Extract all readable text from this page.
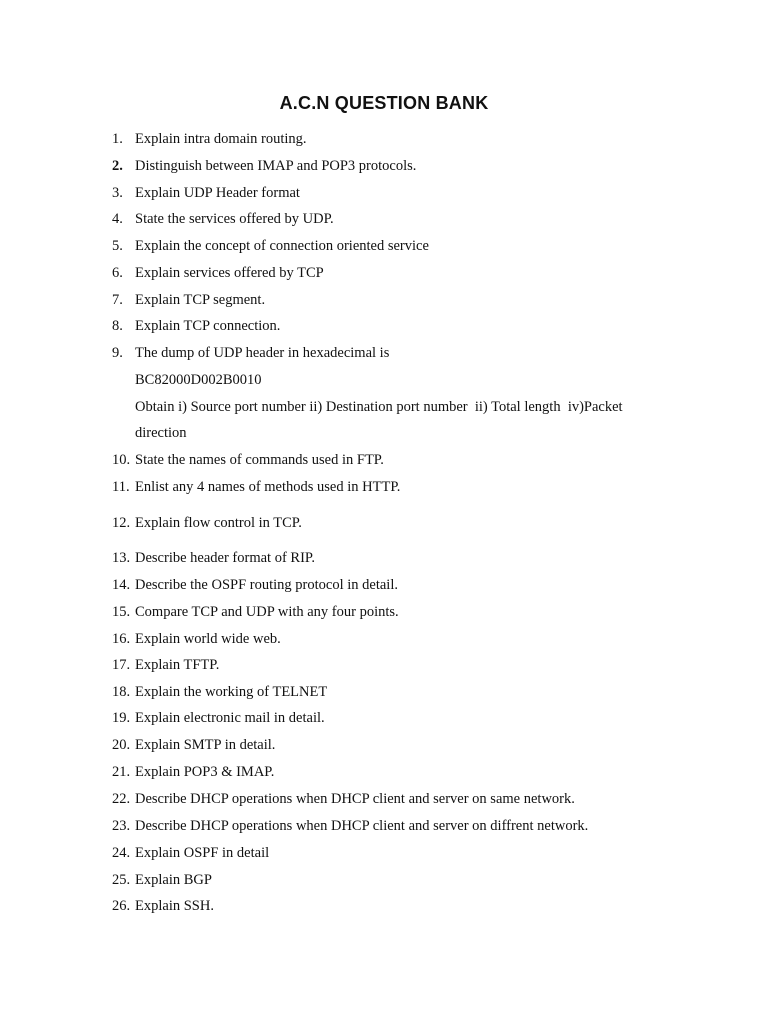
A.C.N QUESTION BANK
1. Explain intra domain routing.
2. Distinguish between IMAP and POP3 protocols.
3. Explain UDP Header format
4. State the services offered by UDP.
5. Explain the concept of connection oriented service
6. Explain services offered by TCP
7. Explain TCP segment.
8. Explain TCP connection.
9. The dump of UDP header in hexadecimal is
BC82000D002B0010
Obtain i) Source port number ii) Destination port number  ii) Total length  iv)Packet
direction
10. State the names of commands used in FTP.
11. Enlist any 4 names of methods used in HTTP.
12. Explain flow control in TCP.
13. Describe header format of RIP.
14. Describe the OSPF routing protocol in detail.
15. Compare TCP and UDP with any four points.
16. Explain world wide web.
17. Explain TFTP.
18. Explain the working of TELNET
19. Explain electronic mail in detail.
20. Explain SMTP in detail.
21. Explain POP3 & IMAP.
22. Describe DHCP operations when DHCP client and server on same network.
23. Describe DHCP operations when DHCP client and server on diffrent network.
24. Explain OSPF in detail
25. Explain BGP
26. Explain SSH.
